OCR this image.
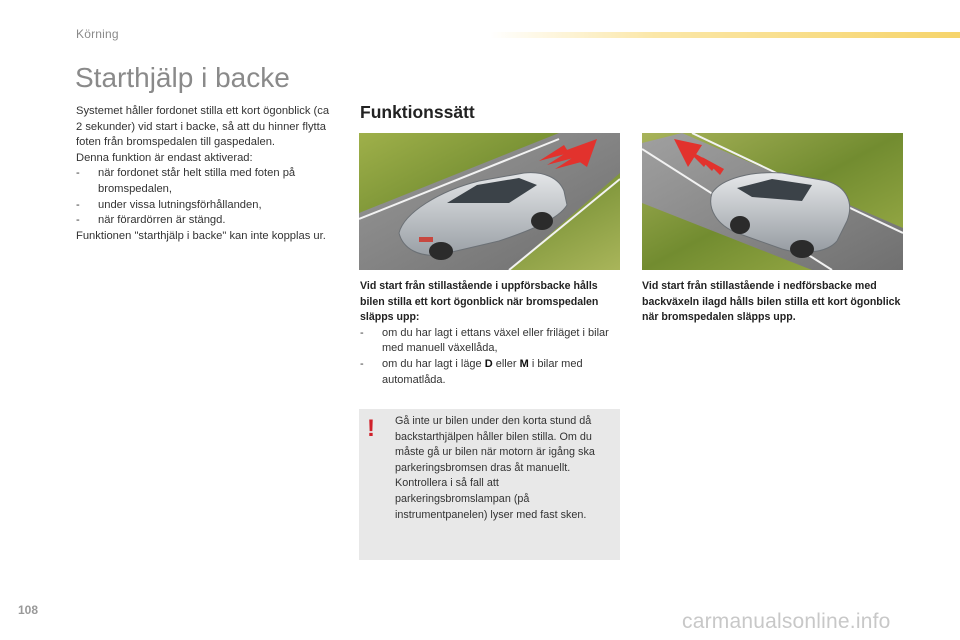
Körning
Starthjälp i backe

Systemet håller fordonet stilla ett kort ögonblick (ca 2 sekunder) vid start i backe, så att du hinner flytta foten från bromspedalen till gaspedalen.

Denna funktion är endast aktiverad:

- när fordonet står helt stilla med foten på bromspedalen,
- under vissa lutningsförhållanden,
- när förardörren är stängd.

Funktionen "starthjälp i backe" kan inte kopplas ur.

Funktionssätt

Vid start från stillastående i uppförsbacke hålls bilen stilla ett kort ögonblick när bromspedalen släpps upp:

- om du har lagt i ettans växel eller friläget i bilar med manuell växellåda,
- om du har lagt i läge D eller M i bilar med automatlåda.

Vid start från stillastående i nedförsbacke med backväxeln ilagd hålls bilen stilla ett kort ögonblick när bromspedalen släpps upp.

! Gå inte ur bilen under den korta stund då backstarthjälpen håller bilen stilla. Om du måste gå ur bilen när motorn är igång ska parkeringsbromsen dras åt manuellt. Kontrollera i så fall att parkeringsbromslampan (på instrumentpanelen) lyser med fast sken.
108	carmanualsonline.info
